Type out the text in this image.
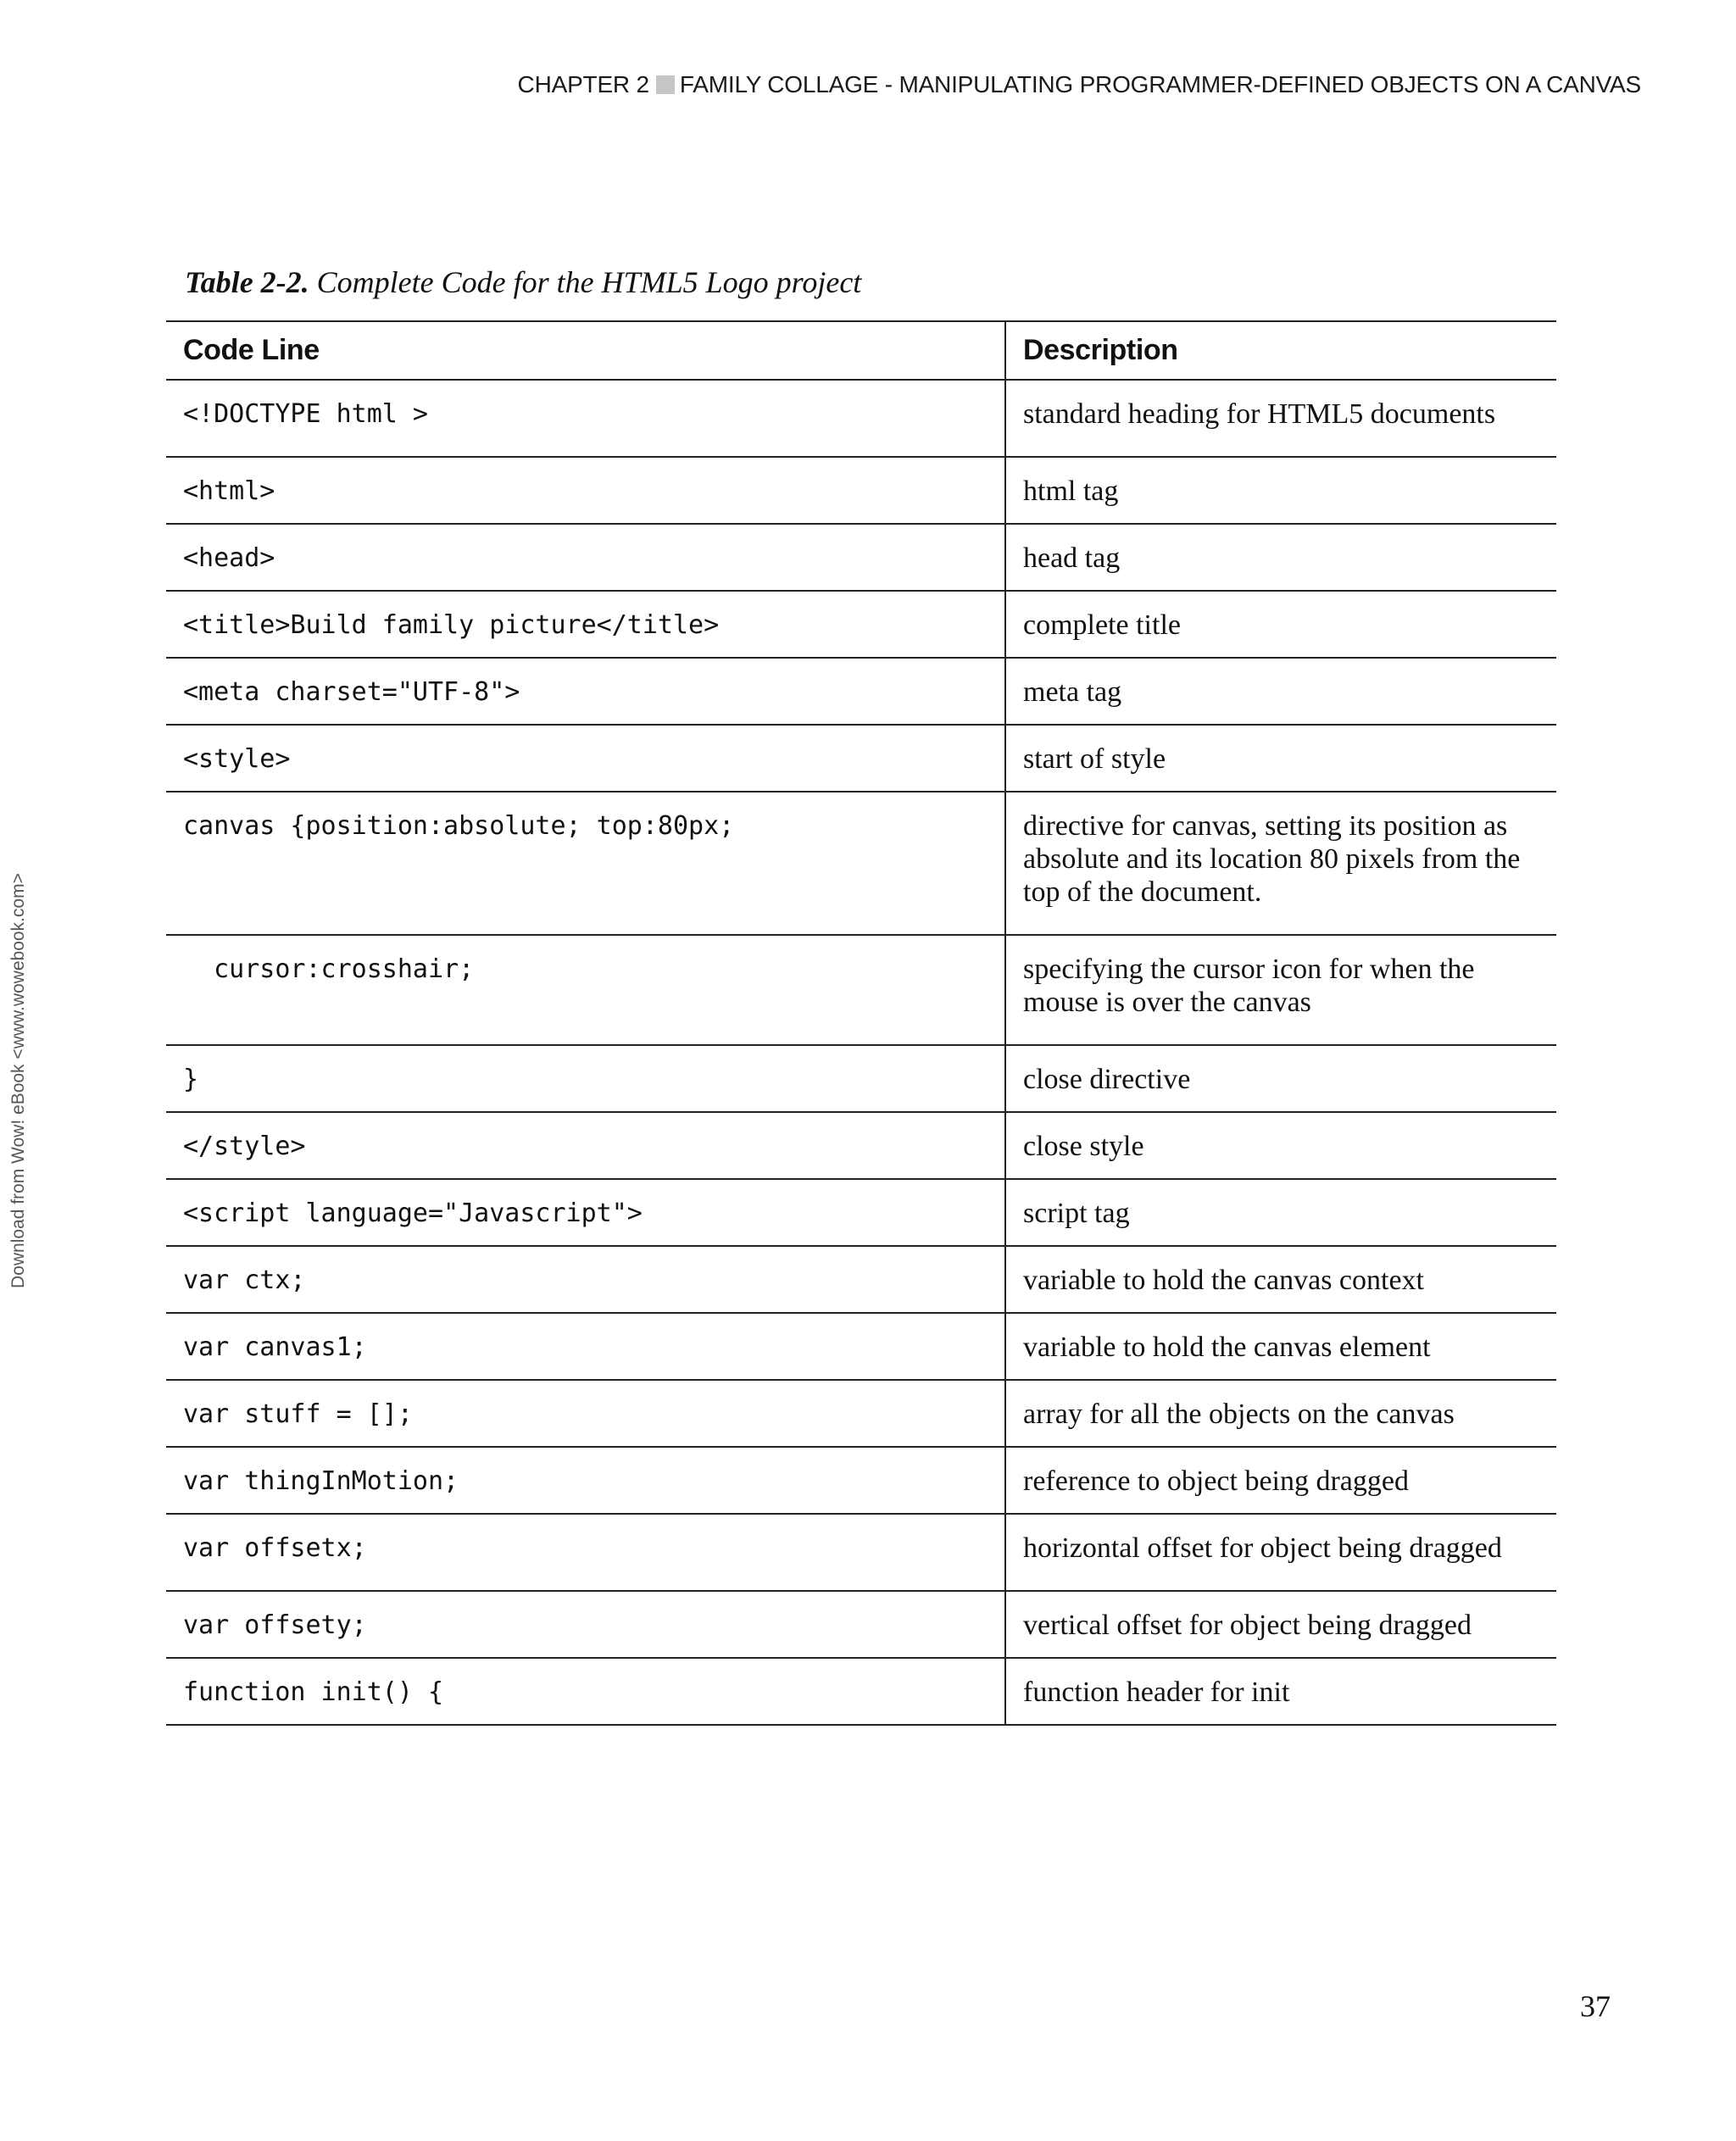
CHAPTER 2 FAMILY COLLAGE - MANIPULATING PROGRAMMER-DEFINED OBJECTS ON A CANVAS
Download from Wow! eBook <www.wowebook.com>
Table 2-2. Complete Code for the HTML5 Logo project
Code Line	Description
<!DOCTYPE html >	standard heading for HTML5 documents
<html>	html tag
<head>	head tag
<title>Build family picture</title>	complete title
<meta charset="UTF-8">	meta tag
<style>	start of style
canvas {position:absolute; top:80px;	directive for canvas, setting its position as absolute and its location 80 pixels from the top of the document.
cursor:crosshair;	specifying the cursor icon for when the mouse is over the canvas
}	close directive
</style>	close style
<script language="Javascript">	script tag
var ctx;	variable to hold the canvas context
var canvas1;	variable to hold the canvas element
var stuff = [];	array for all the objects on the canvas
var thingInMotion;	reference to object being dragged
var offsetx;	horizontal offset for object being dragged
var offsety;	vertical offset for object being dragged
function init() {	function header for init
37
